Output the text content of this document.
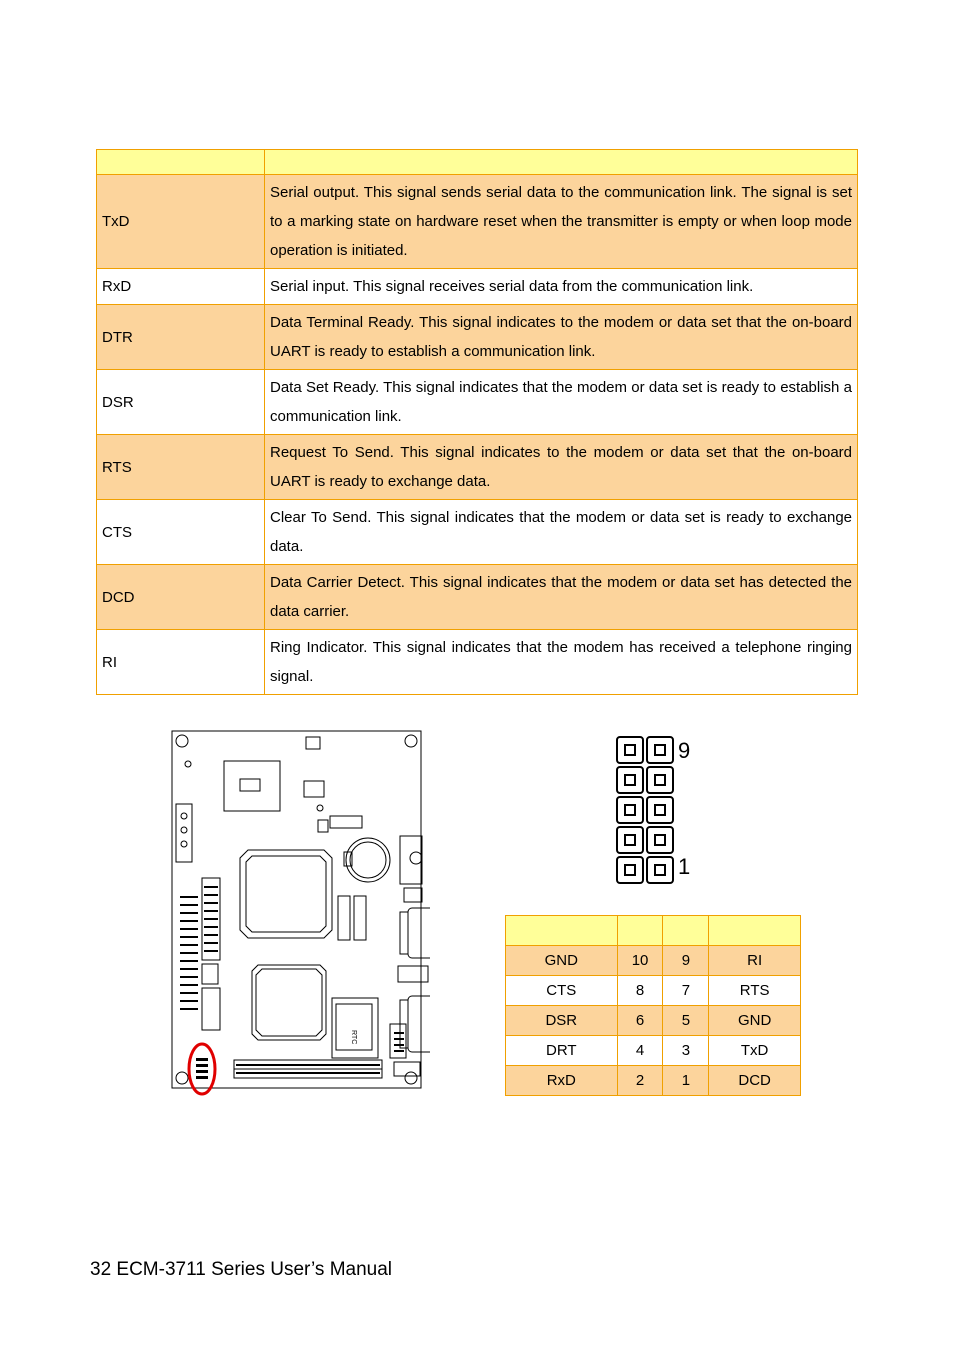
TxD	Serial output. This signal sends serial data to the communication link. The signal is set to a marking state on hardware reset when the transmitter is empty or when loop mode operation is initiated.
RxD	Serial input. This signal receives serial data from the communication link.
DTR	Data Terminal Ready. This signal indicates to the modem or data set that the on-board UART is ready to establish a communication link.
DSR	Data Set Ready. This signal indicates that the modem or data set is ready to establish a communication link.
RTS	Request To Send. This signal indicates to the modem or data set that the on-board UART is ready to exchange data.
CTS	Clear To Send. This signal indicates that the modem or data set is ready to exchange data.
DCD	Data Carrier Detect. This signal indicates that the modem or data set has detected the data carrier.
RI	Ring Indicator. This signal indicates that the modem has received a telephone ringing signal.
RTC
9
1

GND	10	9	RI
CTS	8	7	RTS
DSR	6	5	GND
DRT	4	3	TxD
RxD	2	1	DCD
32 ECM-3711 Series User’s Manual
